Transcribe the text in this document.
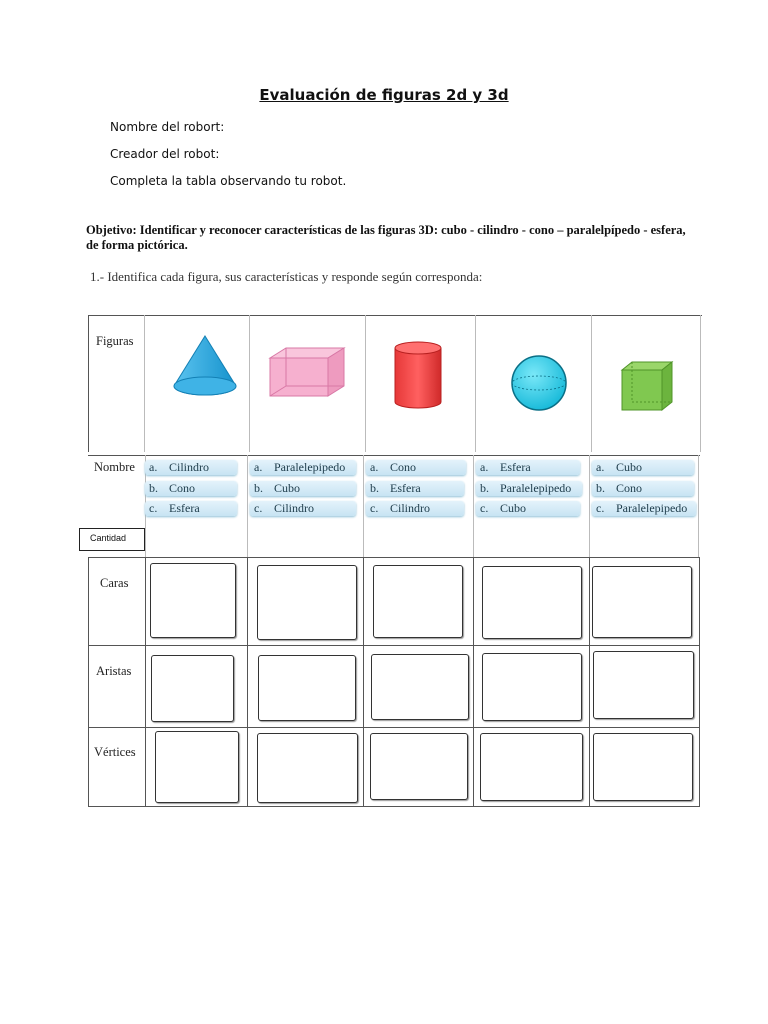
Evaluación de figuras 2d y 3d
Nombre del robort:
Creador del robot:
Completa la tabla observando tu robot.
Objetivo: Identificar y reconocer características de las figuras 3D: cubo - cilindro - cono – paralelpípedo - esfera, de forma pictórica.
1.- Identifica cada figura, sus características y responde según corresponda:
Figuras
Nombre
Cantidad
Caras
Aristas
Vértices
a. Cilindro
b. Cono
c. Esfera
a. Paralelepipedo
b. Cubo
c. Cilindro
a. Cono
b. Esfera
c. Cilindro
a. Esfera
b. Paralelepipedo
c. Cubo
a. Cubo
b. Cono
c. Paralelepipedo
